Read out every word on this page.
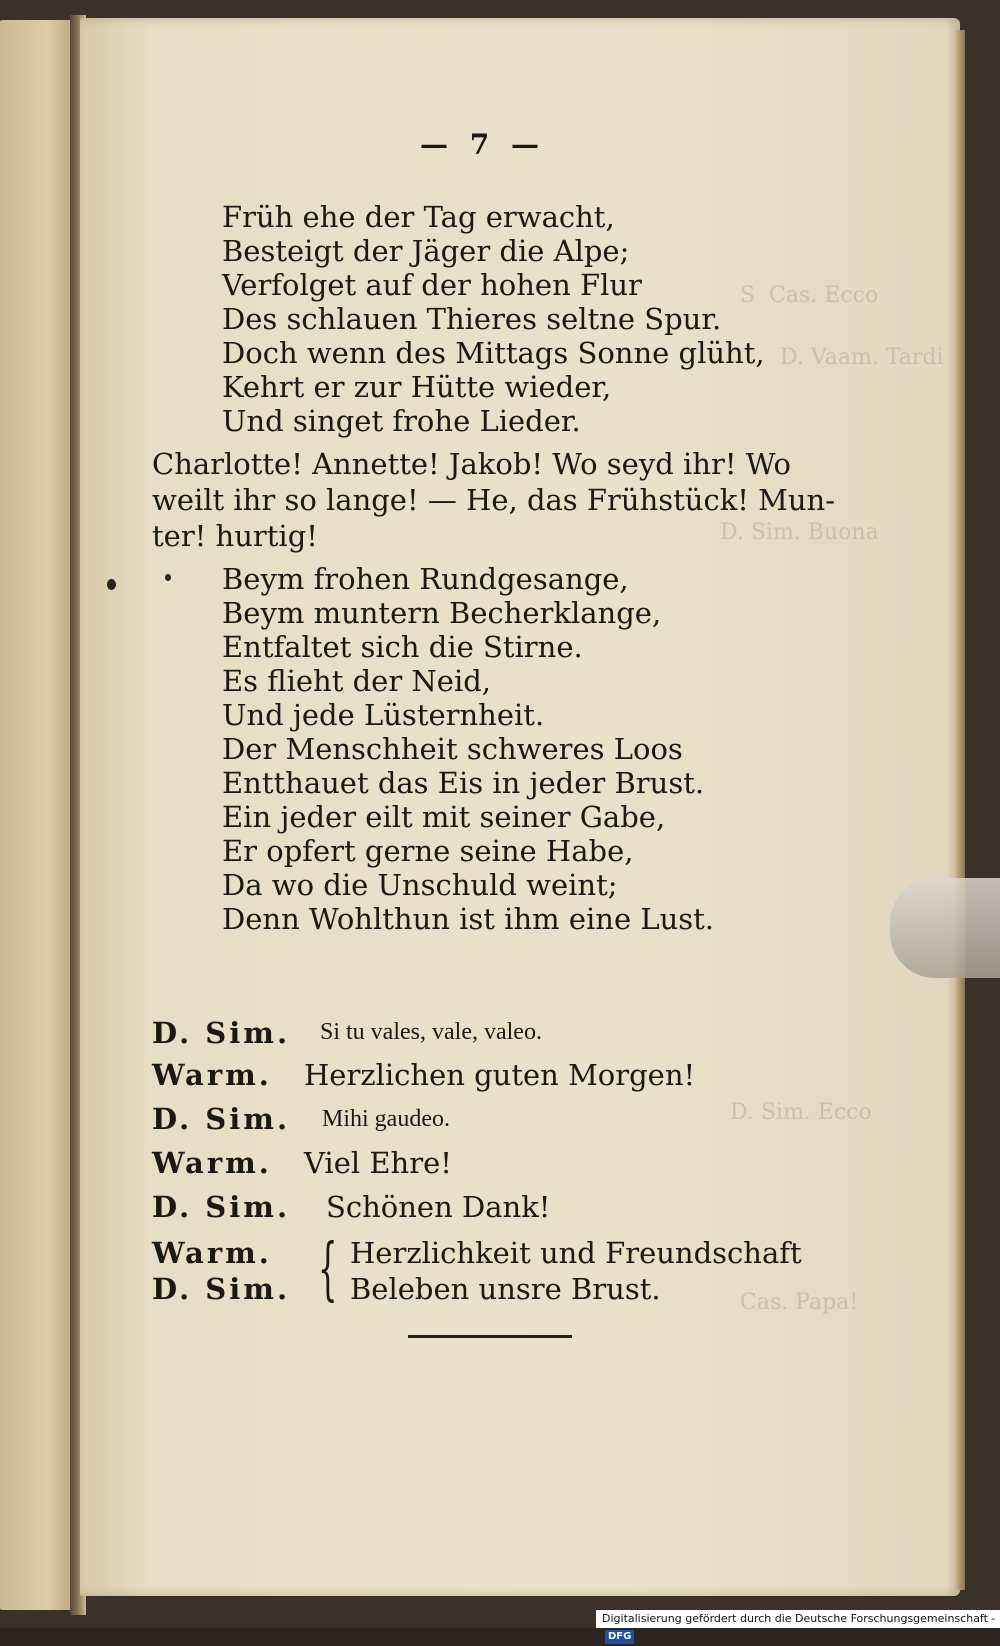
S  Cas. Ecco
D. Vaam. Tardi
D. Sim. Buona
D. Sim. Ecco
Cas. Papa!
— 7 —
Früh ehe der Tag erwacht,
Besteigt der Jäger die Alpe;
Verfolget auf der hohen Flur
Des schlauen Thieres seltne Spur.
Doch wenn des Mittags Sonne glüht,
Kehrt er zur Hütte wieder,
Und singet frohe Lieder.
Charlotte! Annette! Jakob! Wo seyd ihr! Wo
weilt ihr so lange! — He, das Frühstück! Mun-
ter! hurtig!
Beym frohen Rundgesange,
Beym muntern Becherklange,
Entfaltet sich die Stirne.
Es flieht der Neid,
Und jede Lüsternheit.
Der Menschheit schweres Loos
Entthauet das Eis in jeder Brust.
Ein jeder eilt mit seiner Gabe,
Er opfert gerne seine Habe,
Da wo die Unschuld weint;
Denn Wohlthun ist ihm eine Lust.
D. Sim. Si tu vales, vale, valeo.
Warm. Herzlichen guten Morgen!
D. Sim. Mihi gaudeo.
Warm. Viel Ehre!
D. Sim. Schönen Dank!
Warm.
D. Sim. { Herzlichkeit und Freundschaft
Beleben unsre Brust.
Digitalisierung gefördert durch die Deutsche Forschungsgemeinschaft -DFG
